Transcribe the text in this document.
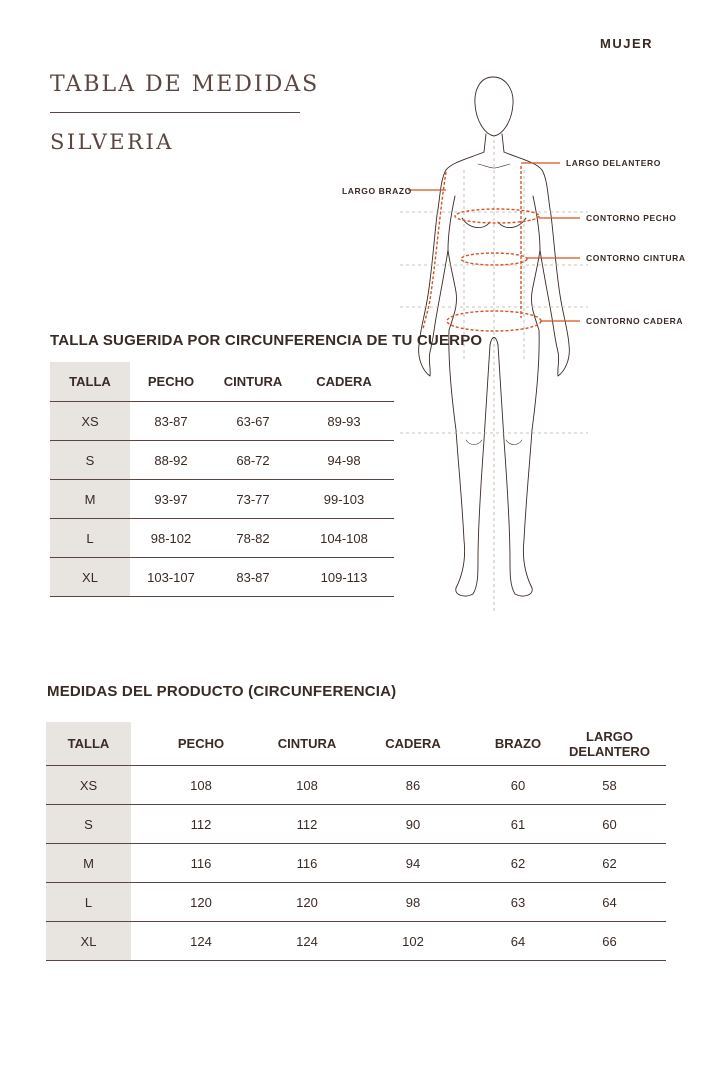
MUJER
TABLA DE MEDIDAS
SILVERIA
LARGO DELANTERO
LARGO BRAZO
CONTORNO PECHO
CONTORNO CINTURA
CONTORNO CADERA
TALLA SUGERIDA POR CIRCUNFERENCIA DE TU CUERPO
TALLA	PECHO	CINTURA	CADERA
XS	83-87	63-67	89-93
S	88-92	68-72	94-98
M	93-97	73-77	99-103
L	98-102	78-82	104-108
XL	103-107	83-87	109-113
MEDIDAS DEL PRODUCTO (CIRCUNFERENCIA)
TALLA	PECHO	CINTURA	CADERA	BRAZO	LARGO DELANTERO
XS	108	108	86	60	58
S	112	112	90	61	60
M	116	116	94	62	62
L	120	120	98	63	64
XL	124	124	102	64	66
